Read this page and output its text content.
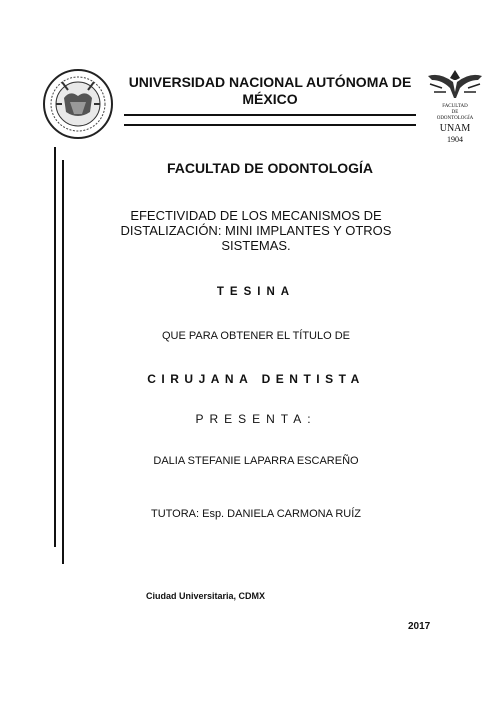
FACULTAD
DE
ODONTOLOGÍA
UNAM
1904
UNIVERSIDAD NACIONAL AUTÓNOMA DE MÉXICO
FACULTAD DE ODONTOLOGÍA
EFECTIVIDAD DE LOS MECANISMOS DE DISTALIZACIÓN: MINI IMPLANTES Y OTROS SISTEMAS.
TESINA
QUE PARA OBTENER EL TÍTULO DE
CIRUJANA DENTISTA
PRESENTA:
DALIA STEFANIE LAPARRA ESCAREÑO
TUTORA: Esp. DANIELA CARMONA RUÍZ
Ciudad Universitaria, CDMX
2017
